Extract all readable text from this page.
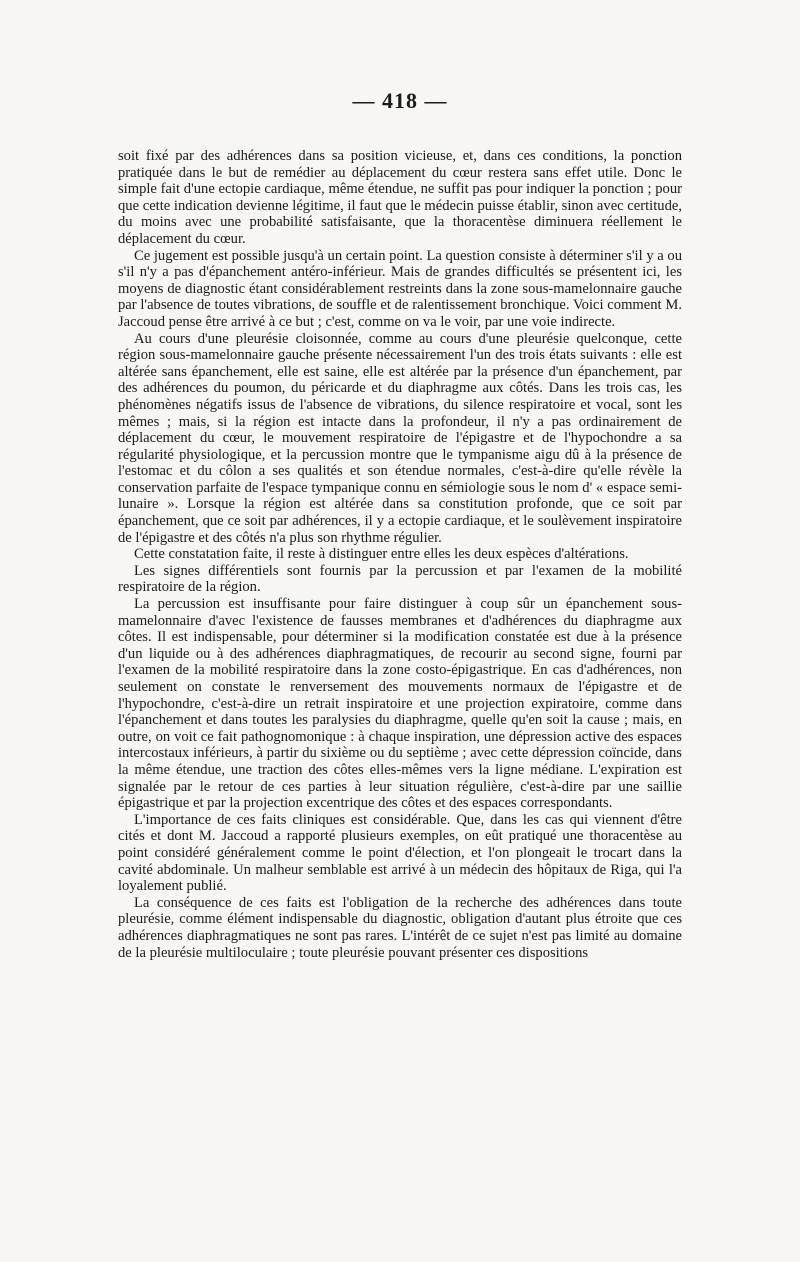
— 418 —

soit fixé par des adhérences dans sa position vicieuse, et, dans ces conditions, la ponction pratiquée dans le but de remédier au déplacement du cœur restera sans effet utile. Donc le simple fait d'une ectopie cardiaque, même étendue, ne suffit pas pour indiquer la ponction ; pour que cette indication devienne légitime, il faut que le médecin puisse établir, sinon avec certitude, du moins avec une probabilité satisfaisante, que la thoracentèse diminuera réellement le déplacement du cœur.

Ce jugement est possible jusqu'à un certain point. La question consiste à déterminer s'il y a ou s'il n'y a pas d'épanchement antéro-inférieur. Mais de grandes difficultés se présentent ici, les moyens de diagnostic étant considérablement restreints dans la zone sous-mamelonnaire gauche par l'absence de toutes vibrations, de souffle et de ralentissement bronchique. Voici comment M. Jaccoud pense être arrivé à ce but ; c'est, comme on va le voir, par une voie indirecte.

Au cours d'une pleurésie cloisonnée, comme au cours d'une pleurésie quelconque, cette région sous-mamelonnaire gauche présente nécessairement l'un des trois états suivants : elle est altérée sans épanchement, elle est saine, elle est altérée par la présence d'un épanchement, par des adhérences du poumon, du péricarde et du diaphragme aux côtés. Dans les trois cas, les phénomènes négatifs issus de l'absence de vibrations, du silence respiratoire et vocal, sont les mêmes ; mais, si la région est intacte dans la profondeur, il n'y a pas ordinairement de déplacement du cœur, le mouvement respiratoire de l'épigastre et de l'hypochondre a sa régularité physiologique, et la percussion montre que le tympanisme aigu dû à la présence de l'estomac et du côlon a ses qualités et son étendue normales, c'est-à-dire qu'elle révèle la conservation parfaite de l'espace tympanique connu en sémiologie sous le nom d' « espace semi-lunaire ». Lorsque la région est altérée dans sa constitution profonde, que ce soit par épanchement, que ce soit par adhérences, il y a ectopie cardiaque, et le soulèvement inspiratoire de l'épigastre et des côtés n'a plus son rhythme régulier.

Cette constatation faite, il reste à distinguer entre elles les deux espèces d'altérations.

Les signes différentiels sont fournis par la percussion et par l'examen de la mobilité respiratoire de la région.

La percussion est insuffisante pour faire distinguer à coup sûr un épanchement sous-mamelonnaire d'avec l'existence de fausses membranes et d'adhérences du diaphragme aux côtes. Il est indispensable, pour déterminer si la modification constatée est due à la présence d'un liquide ou à des adhérences diaphragmatiques, de recourir au second signe, fourni par l'examen de la mobilité respiratoire dans la zone costo-épigastrique. En cas d'adhérences, non seulement on constate le renversement des mouvements normaux de l'épigastre et de l'hypochondre, c'est-à-dire un retrait inspiratoire et une projection expiratoire, comme dans l'épanchement et dans toutes les paralysies du diaphragme, quelle qu'en soit la cause ; mais, en outre, on voit ce fait pathognomonique : à chaque inspiration, une dépression active des espaces intercostaux inférieurs, à partir du sixième ou du septième ; avec cette dépression coïncide, dans la même étendue, une traction des côtes elles-mêmes vers la ligne médiane. L'expiration est signalée par le retour de ces parties à leur situation régulière, c'est-à-dire par une saillie épigastrique et par la projection excentrique des côtes et des espaces correspondants.

L'importance de ces faits cliniques est considérable. Que, dans les cas qui viennent d'être cités et dont M. Jaccoud a rapporté plusieurs exemples, on eût pratiqué une thoracentèse au point considéré généralement comme le point d'élection, et l'on plongeait le trocart dans la cavité abdominale. Un malheur semblable est arrivé à un médecin des hôpitaux de Riga, qui l'a loyalement publié.

La conséquence de ces faits est l'obligation de la recherche des adhérences dans toute pleurésie, comme élément indispensable du diagnostic, obligation d'autant plus étroite que ces adhérences diaphragmatiques ne sont pas rares. L'intérêt de ce sujet n'est pas limité au domaine de la pleurésie multiloculaire ; toute pleurésie pouvant présenter ces dispositions
